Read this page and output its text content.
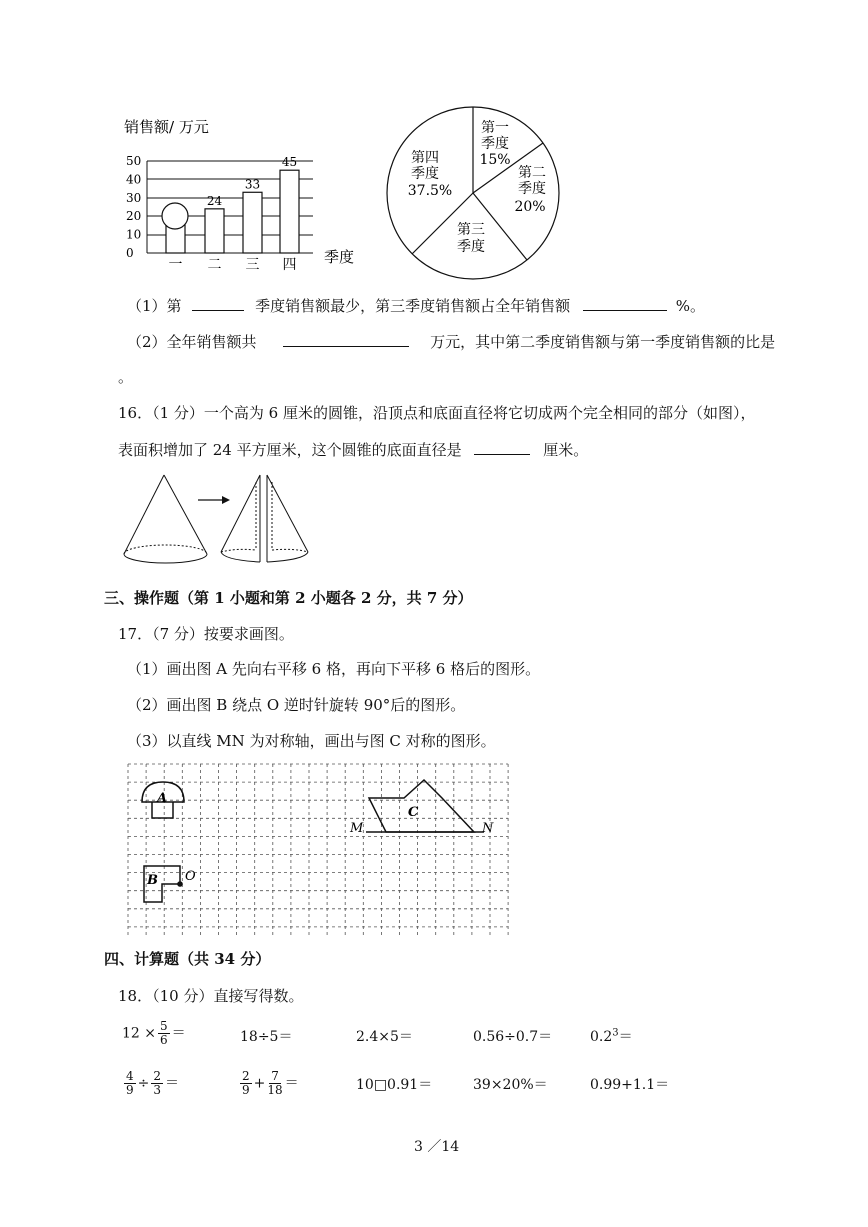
销售额/ 万元
50
40
30
20
10
0
一
24
二
33
三
45
四 季度
第一
季度
15%
第二
季度
20%
第三
季度
第四
季度
37.5%
（1）第	季度销售额最少，第三季度销售额占全年销售额	%。
（2）全年销售额共	万元，其中第二季度销售额与第一季度销售额的比是
。
16．（1 分）一个高为 6 厘米的圆锥，沿顶点和底面直径将它切成两个完全相同的部分（如图），
表面积增加了 24 平方厘米，这个圆锥的底面直径是	厘米。
三、操作题（第 1 小题和第 2 小题各 2 分，共 7 分）
17．（7 分）按要求画图。
（1）画出图 A 先向右平移 6 格，再向下平移 6 格后的图形。
（2）画出图 B 绕点 O 逆时针旋转 90°后的图形。
（3）以直线 MN 为对称轴，画出与图 C 对称的图形。
A
B O
C
M	N
四、计算题（共 34 分）
18．（10 分）直接写得数。
$12 \times \frac{5}{6}$ ＝	18÷5＝	2.4×5＝	0.56÷0.7＝	$0.2^3=$
$\frac{4}{9} \div \frac{2}{3}$ ＝	$\frac{2}{9} + \frac{7}{18}$ ＝	10□0.91＝	39×20%＝	0.99+1.1＝
3 ／14
